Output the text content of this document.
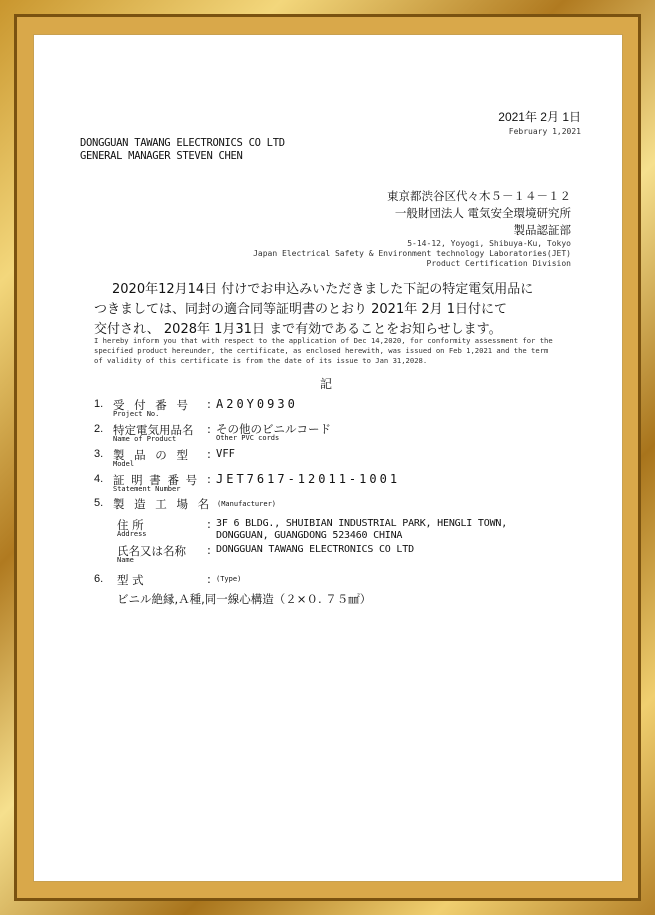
2021年 2月 1日
February 1,2021
DONGGUAN TAWANG ELECTRONICS CO LTD
GENERAL MANAGER STEVEN CHEN
東京都渋谷区代々木５－１４－１２
一般財団法人 電気安全環境研究所
製品認証部
5-14-12, Yoyogi, Shibuya-Ku, Tokyo
Japan Electrical Safety & Environment technology Laboratories(JET)
Product Certification Division
2020年12月14日 付けでお申込みいただきました下記の特定電気用品に
つきましては、同封の適合同等証明書のとおり 2021年 2月 1日付にて
交付され、 2028年 1月31日 まで有効であることをお知らせします。
I hereby inform you that with respect to the application of Dec 14,2020, for conformity assessment for the
specified product hereunder, the certificate, as enclosed herewith, was issued on Feb 1,2021 and the term
of validity of this certificate is from the date of its issue to Jan 31,2028.
記
1. 受 付 番 号
Project No.
: A20Y0930
2. 特定電気用品名
Name of Product
: その他のビニルコード
Other PVC cords
3. 製 品 の 型
Model
: VFF
4. 証 明 書 番 号
Statement Number
: JET7617-12011-1001
5. 製 造 工 場 名 (Manufacturer)
住 所
Address
: 3F 6 BLDG., SHUIBIAN INDUSTRIAL PARK, HENGLI TOWN,
DONGGUAN, GUANGDONG 523460 CHINA
氏名又は名称
Name
: DONGGUAN TAWANG ELECTRONICS CO LTD
6. 型 式	: (Type)
ビニル絶縁,Ａ種,同一線心構造（２×０. ７５㎟）
